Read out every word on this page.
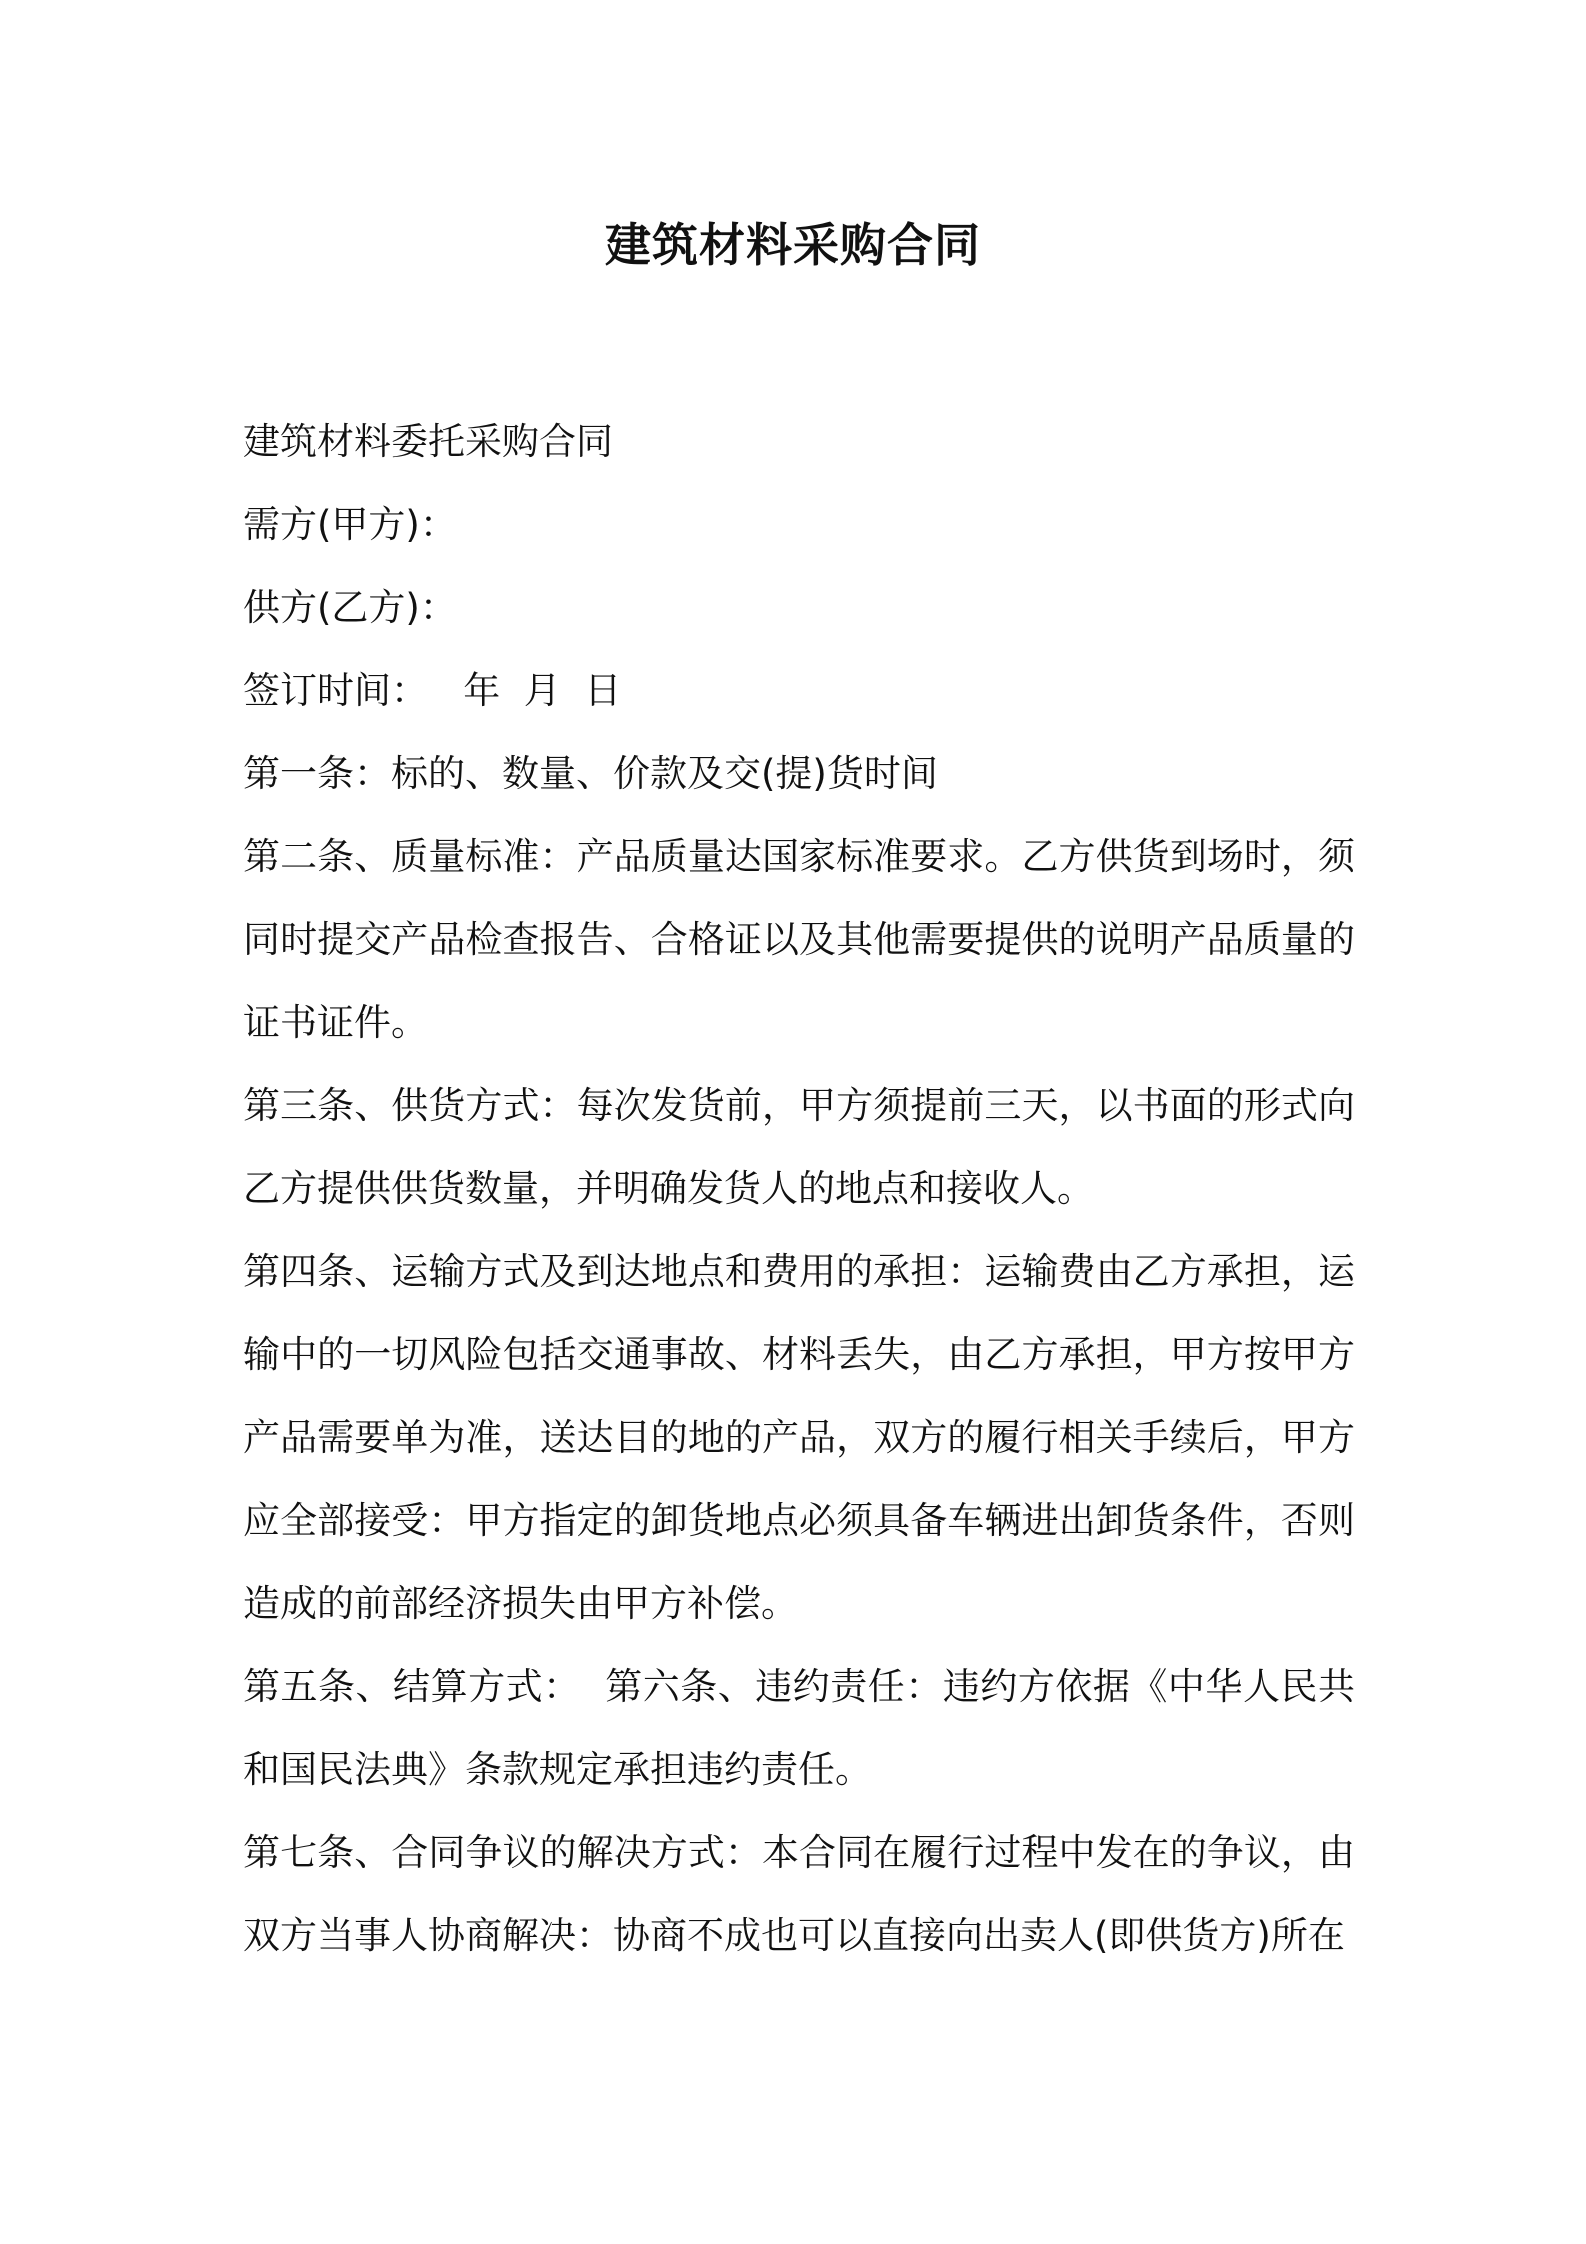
建筑材料采购合同

建筑材料委托采购合同

需方(甲方)：

供方(乙方)：

签订时间：   年  月  日

第一条：标的、数量、价款及交(提)货时间

第二条、质量标准：产品质量达国家标准要求。乙方供货到场时，须同时提交产品检查报告、合格证以及其他需要提供的说明产品质量的证书证件。

第三条、供货方式：每次发货前，甲方须提前三天，以书面的形式向乙方提供供货数量，并明确发货人的地点和接收人。

第四条、运输方式及到达地点和费用的承担：运输费由乙方承担，运输中的一切风险包括交通事故、材料丢失，由乙方承担，甲方按甲方产品需要单为准，送达目的地的产品，双方的履行相关手续后，甲方应全部接受：甲方指定的卸货地点必须具备车辆进出卸货条件，否则造成的前部经济损失由甲方补偿。

第五条、结算方式：  第六条、违约责任：违约方依据《中华人民共和国民法典》条款规定承担违约责任。

第七条、合同争议的解决方式：本合同在履行过程中发在的争议，由双方当事人协商解决：协商不成也可以直接向出卖人(即供货方)所在
